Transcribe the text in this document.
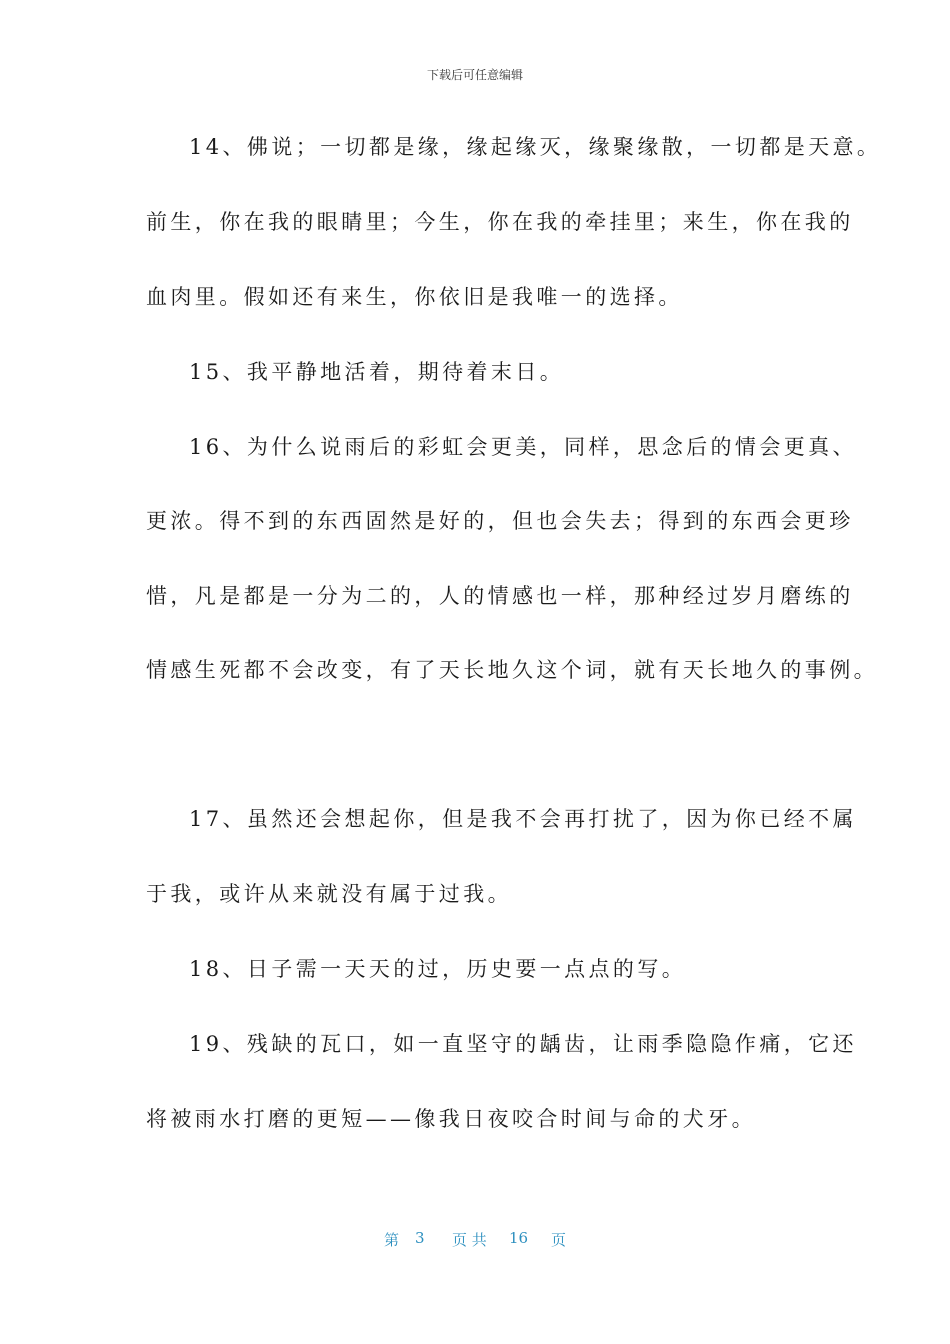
下载后可任意编辑
14、佛说；一切都是缘，缘起缘灭，缘聚缘散，一切都是天意。
前生，你在我的眼睛里；今生，你在我的牵挂里；来生，你在我的
血肉里。假如还有来生，你依旧是我唯一的选择。
15、我平静地活着，期待着末日。
16、为什么说雨后的彩虹会更美，同样，思念后的情会更真、
更浓。得不到的东西固然是好的，但也会失去；得到的东西会更珍
惜，凡是都是一分为二的，人的情感也一样，那种经过岁月磨练的
情感生死都不会改变，有了天长地久这个词，就有天长地久的事例。
17、虽然还会想起你，但是我不会再打扰了，因为你已经不属
于我，或许从来就没有属于过我。
18、日子需一天天的过，历史要一点点的写。
19、残缺的瓦口，如一直坚守的龋齿，让雨季隐隐作痛，它还
将被雨水打磨的更短——像我日夜咬合时间与命的犬牙。
第 3 页 共 16 页
